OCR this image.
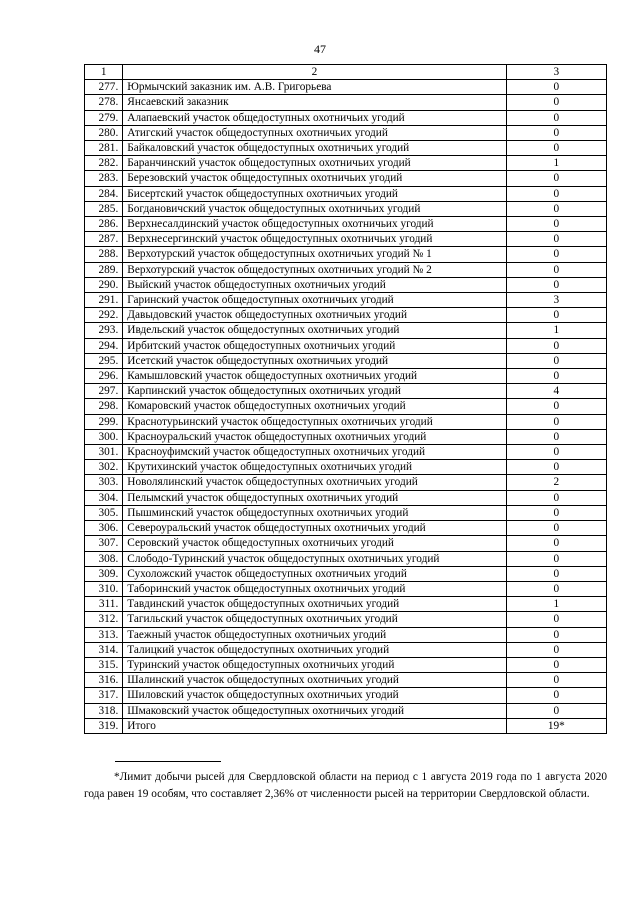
47
1	2	3
277.	Юрмычский заказник им. А.В. Григорьева	0
278.	Янсаевский заказник	0
279.	Алапаевский участок общедоступных охотничьих угодий	0
280.	Атигский участок общедоступных охотничьих угодий	0
281.	Байкаловский участок общедоступных охотничьих угодий	0
282.	Баранчинский участок общедоступных охотничьих угодий	1
283.	Березовский участок общедоступных охотничьих угодий	0
284.	Бисертский участок общедоступных охотничьих угодий	0
285.	Богдановичский участок общедоступных охотничьих угодий	0
286.	Верхнесалдинский участок общедоступных охотничьих угодий	0
287.	Верхнесергинский участок общедоступных охотничьих угодий	0
288.	Верхотурский участок общедоступных охотничьих угодий № 1	0
289.	Верхотурский участок общедоступных охотничьих угодий № 2	0
290.	Выйский участок общедоступных охотничьих угодий	0
291.	Гаринский участок общедоступных охотничьих угодий	3
292.	Давыдовский участок общедоступных охотничьих угодий	0
293.	Ивдельский участок общедоступных охотничьих угодий	1
294.	Ирбитский участок общедоступных охотничьих угодий	0
295.	Исетский участок общедоступных охотничьих угодий	0
296.	Камышловский участок общедоступных охотничьих угодий	0
297.	Карпинский участок общедоступных охотничьих угодий	4
298.	Комаровский участок общедоступных охотничьих угодий	0
299.	Краснотурьинский участок общедоступных охотничьих угодий	0
300.	Красноуральский участок общедоступных охотничьих угодий	0
301.	Красноуфимский участок общедоступных охотничьих угодий	0
302.	Крутихинский участок общедоступных охотничьих угодий	0
303.	Новолялинский участок общедоступных охотничьих угодий	2
304.	Пелымский участок общедоступных охотничьих угодий	0
305.	Пышминский участок общедоступных охотничьих угодий	0
306.	Североуральский участок общедоступных охотничьих угодий	0
307.	Серовский участок общедоступных охотничьих угодий	0
308.	Слободо-Туринский участок общедоступных охотничьих угодий	0
309.	Сухоложский участок общедоступных охотничьих угодий	0
310.	Таборинский участок общедоступных охотничьих угодий	0
311.	Тавдинский участок общедоступных охотничьих угодий	1
312.	Тагильский участок общедоступных охотничьих угодий	0
313.	Таежный участок общедоступных охотничьих угодий	0
314.	Талицкий участок общедоступных охотничьих угодий	0
315.	Туринский участок общедоступных охотничьих угодий	0
316.	Шалинский участок общедоступных охотничьих угодий	0
317.	Шиловский участок общедоступных охотничьих угодий	0
318.	Шмаковский участок общедоступных охотничьих угодий	0
319.	Итого	19*

*Лимит добычи рысей для Свердловской области на период с 1 августа 2019 года по 1 августа 2020 года равен 19 особям, что составляет 2,36% от численности рысей на территории Свердловской области.
